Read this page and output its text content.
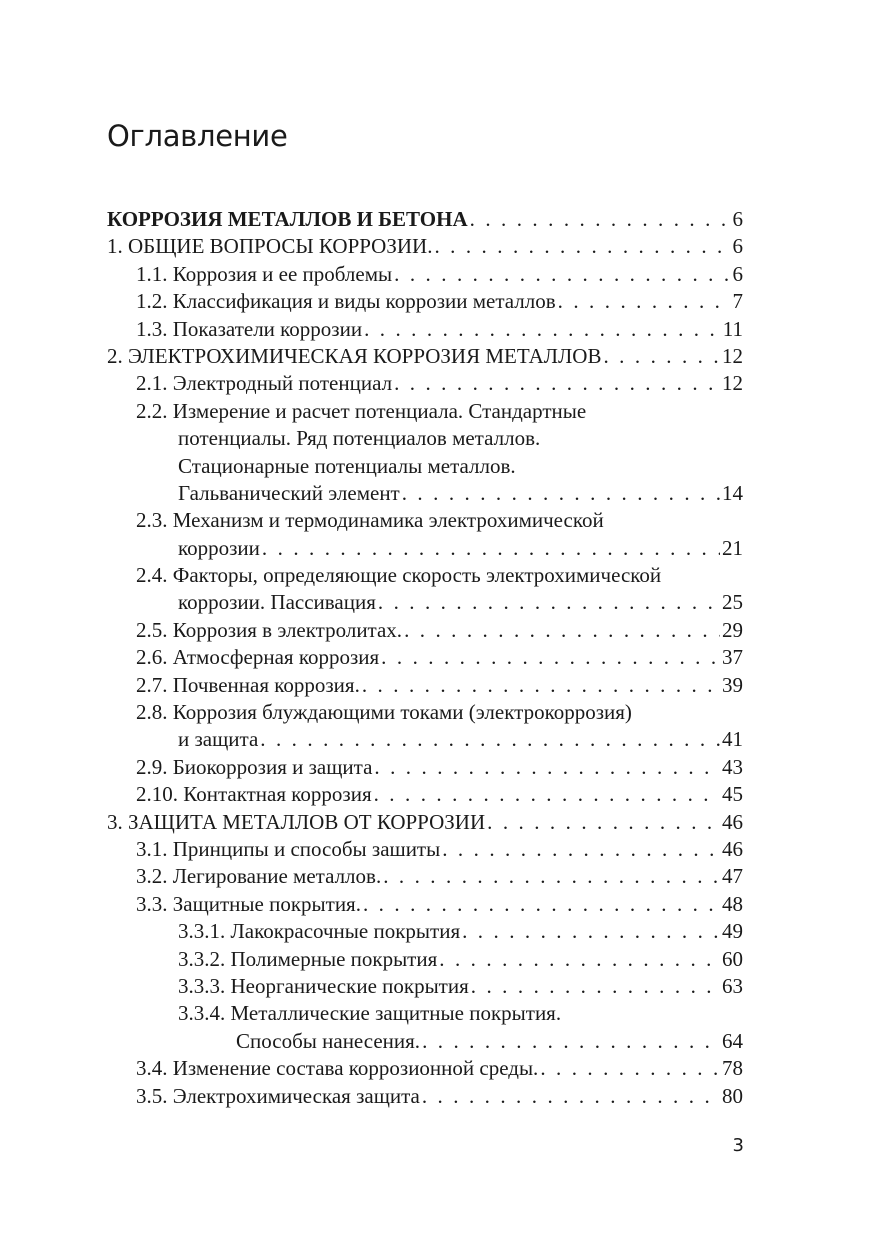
Оглавление
КОРРОЗИЯ МЕТАЛЛОВ И БЕТОНА . . .	6
1. ОБЩИЕ ВОПРОСЫ КОРРОЗИИ. . . .	6
1.1. Коррозия и ее проблемы . . .	6
1.2. Классификация и виды коррозии металлов . . .	7
1.3. Показатели коррозии . . .	11
2. ЭЛЕКТРОХИМИЧЕСКАЯ КОРРОЗИЯ МЕТАЛЛОВ . . .	12
2.1. Электродный потенциал . . .	12
2.2. Измерение и расчет потенциала. Стандартные
потенциалы. Ряд потенциалов металлов.
Стационарные потенциалы металлов.
Гальванический элемент . . .	14
2.3. Механизм и термодинамика электрохимической
коррозии . . .	21
2.4. Факторы, определяющие скорость электрохимической
коррозии. Пассивация . . .	25
2.5. Коррозия в электролитах. . . .	29
2.6. Атмосферная коррозия . . .	37
2.7. Почвенная коррозия. . . .	39
2.8. Коррозия блуждающими токами (электрокоррозия)
и защита . . .	41
2.9. Биокоррозия и защита . . .	43
2.10. Контактная коррозия . . .	45
3. ЗАЩИТА МЕТАЛЛОВ ОТ КОРРОЗИИ . . .	46
3.1. Принципы и способы зашиты . . .	46
3.2. Легирование металлов. . . .	47
3.3. Защитные покрытия. . . .	48
3.3.1. Лакокрасочные покрытия . . .	49
3.3.2. Полимерные покрытия . . .	60
3.3.3. Неорганические покрытия . . .	63
3.3.4. Металлические защитные покрытия.
Способы нанесения. . . .	64
3.4. Изменение состава коррозионной среды. . . .	78
3.5. Электрохимическая защита . . .	80
3
